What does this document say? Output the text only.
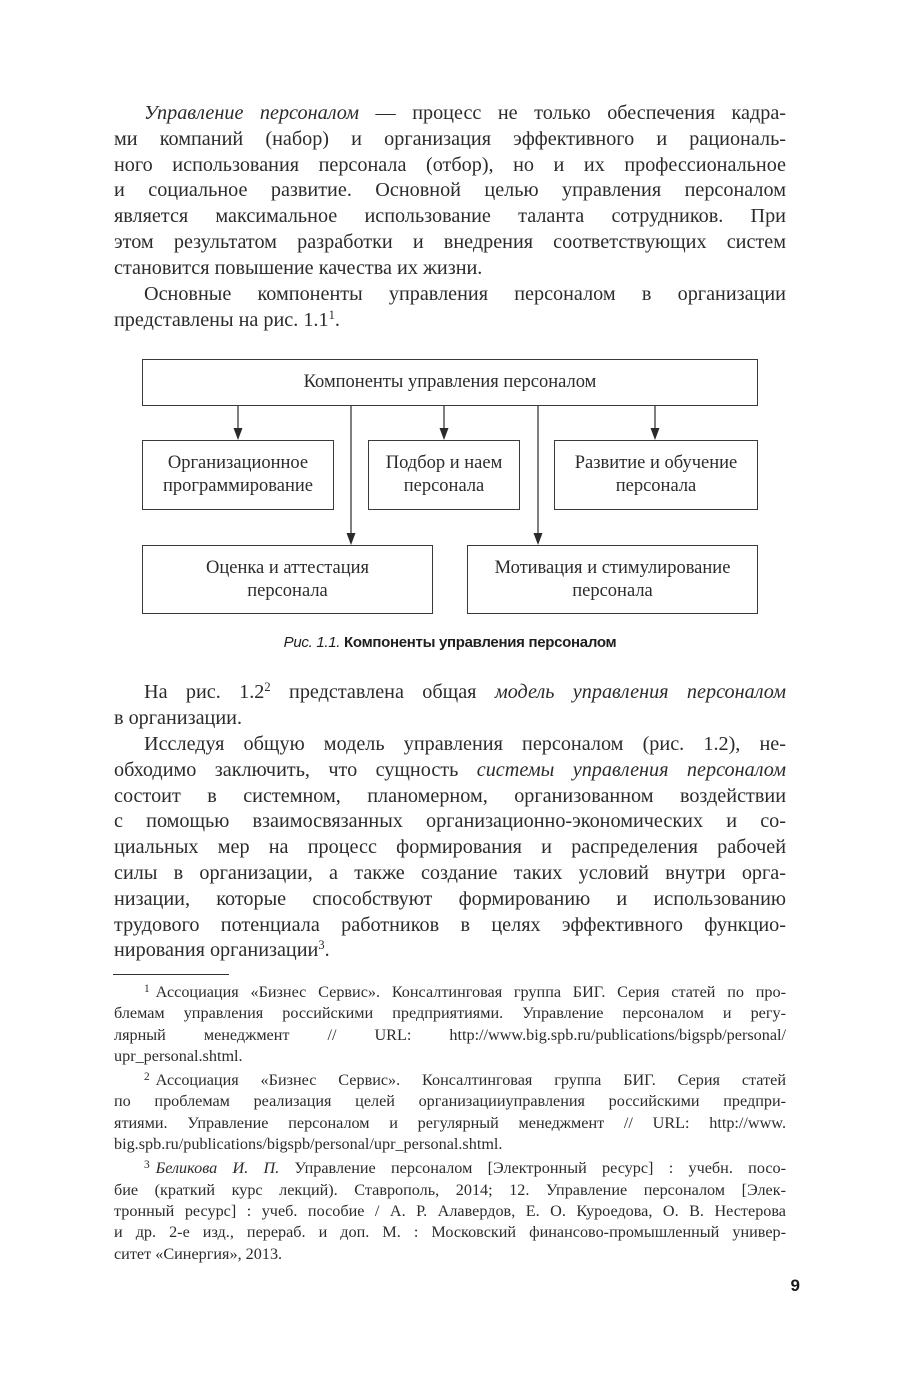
Управление персоналом — процесс не только обеспечения кадра-
ми компаний (набор) и организация эффективного и рациональ-
ного использования персонала (отбор), но и их профессиональное
и социальное развитие. Основной целью управления персоналом
является максимальное использование таланта сотрудников. При
этом результатом разработки и внедрения соответствующих систем
становится повышение качества их жизни.
Основные компоненты управления персоналом в организации
представлены на рис. $1.1^1$.
Компоненты управления персоналом
Организационное
программирование
Подбор и наем
персонала
Развитие и обучение
персонала
Оценка и аттестация
персонала
Мотивация и стимулирование
персонала
Рис. 1.1. Компоненты управления персоналом
На рис. $1.2^2$ представлена общая модель управления персоналом
в организации.
Исследуя общую модель управления персоналом (рис. 1.2), не-
обходимо заключить, что сущность системы управления персоналом
состоит в системном, планомерном, организованном воздействии
с помощью взаимосвязанных организационно-экономических и со-
циальных мер на процесс формирования и распределения рабочей
силы в организации, а также создание таких условий внутри орга-
низации, которые способствуют формированию и использованию
трудового потенциала работников в целях эффективного функцио-
нирования организации$^3$.
$^1$ Ассоциация «Бизнес Сервис». Консалтинговая группа БИГ. Серия статей по про-
блемам управления российскими предприятиями. Управление персоналом и регу-
лярный менеджмент // URL: http://www.big.spb.ru/publications/bigspb/personal/
upr_personal.shtml.
$^2$ Ассоциация «Бизнес Сервис». Консалтинговая группа БИГ. Серия статей
по проблемам реализация целей организацииуправления российскими предпри-
ятиями. Управление персоналом и регулярный менеджмент // URL: http://www.
big.spb.ru/publications/bigspb/personal/upr_personal.shtml.
$^3$ Беликова И. П. Управление персоналом [Электронный ресурс] : учебн. посо-
бие (краткий курс лекций). Ставрополь, 2014; 12. Управление персоналом [Элек-
тронный ресурс] : учеб. пособие / А. Р. Алавердов, Е. О. Куроедова, О. В. Нестерова
и др. 2-е изд., перераб. и доп. М. : Московский финансово-промышленный универ-
ситет «Синергия», 2013.
9
